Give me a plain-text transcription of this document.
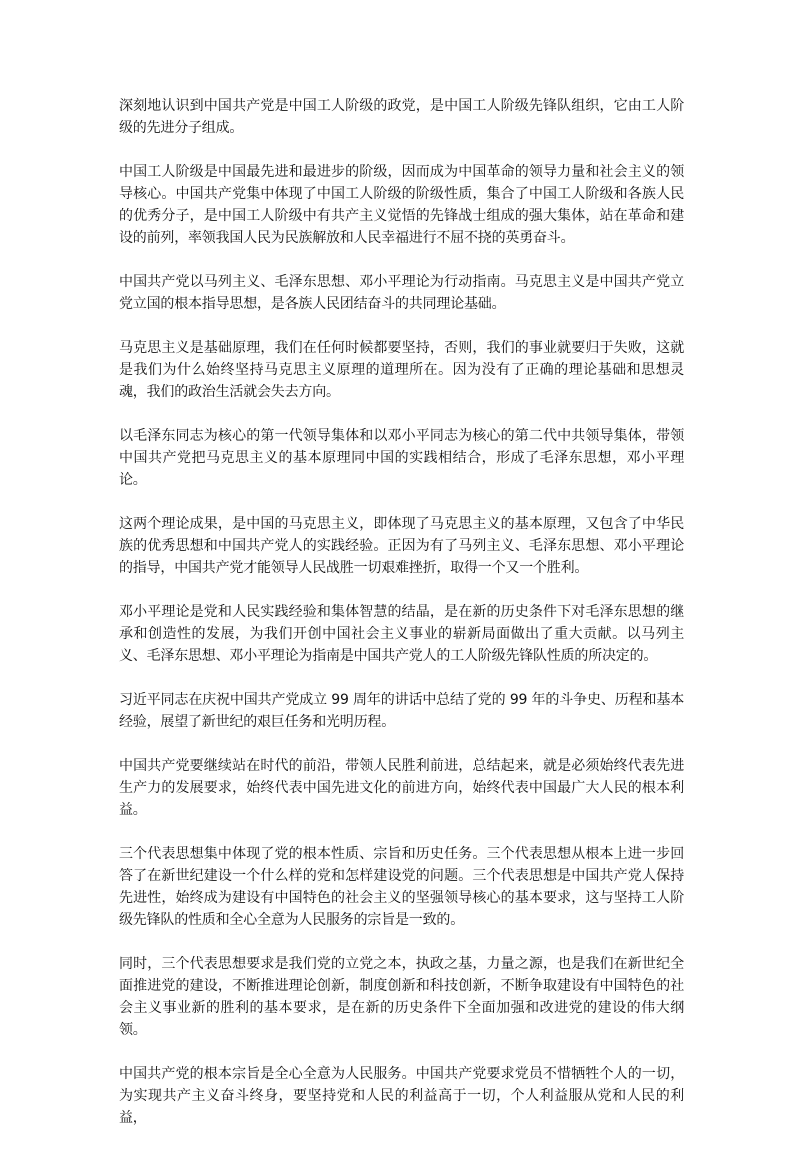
深刻地认识到中国共产党是中国工人阶级的政党，是中国工人阶级先锋队组织，它由工人阶级的先进分子组成。

中国工人阶级是中国最先进和最进步的阶级，因而成为中国革命的领导力量和社会主义的领导核心。中国共产党集中体现了中国工人阶级的阶级性质，集合了中国工人阶级和各族人民的优秀分子，是中国工人阶级中有共产主义觉悟的先锋战士组成的强大集体，站在革命和建设的前列，率领我国人民为民族解放和人民幸福进行不屈不挠的英勇奋斗。

中国共产党以马列主义、毛泽东思想、邓小平理论为行动指南。马克思主义是中国共产党立党立国的根本指导思想，是各族人民团结奋斗的共同理论基础。

马克思主义是基础原理，我们在任何时候都要坚持，否则，我们的事业就要归于失败，这就是我们为什么始终坚持马克思主义原理的道理所在。因为没有了正确的理论基础和思想灵魂，我们的政治生活就会失去方向。

以毛泽东同志为核心的第一代领导集体和以邓小平同志为核心的第二代中共领导集体，带领中国共产党把马克思主义的基本原理同中国的实践相结合，形成了毛泽东思想，邓小平理论。

这两个理论成果，是中国的马克思主义，即体现了马克思主义的基本原理，又包含了中华民族的优秀思想和中国共产党人的实践经验。正因为有了马列主义、毛泽东思想、邓小平理论的指导，中国共产党才能领导人民战胜一切艰难挫折，取得一个又一个胜利。

邓小平理论是党和人民实践经验和集体智慧的结晶，是在新的历史条件下对毛泽东思想的继承和创造性的发展，为我们开创中国社会主义事业的崭新局面做出了重大贡献。以马列主义、毛泽东思想、邓小平理论为指南是中国共产党人的工人阶级先锋队性质的所决定的。

习近平同志在庆祝中国共产党成立 99 周年的讲话中总结了党的 99 年的斗争史、历程和基本经验，展望了新世纪的艰巨任务和光明历程。

中国共产党要继续站在时代的前沿，带领人民胜利前进，总结起来，就是必须始终代表先进生产力的发展要求，始终代表中国先进文化的前进方向，始终代表中国最广大人民的根本利益。

三个代表思想集中体现了党的根本性质、宗旨和历史任务。三个代表思想从根本上进一步回答了在新世纪建设一个什么样的党和怎样建设党的问题。三个代表思想是中国共产党人保持先进性，始终成为建设有中国特色的社会主义的坚强领导核心的基本要求，这与坚持工人阶级先锋队的性质和全心全意为人民服务的宗旨是一致的。

同时，三个代表思想要求是我们党的立党之本，执政之基，力量之源，也是我们在新世纪全面推进党的建设，不断推进理论创新，制度创新和科技创新，不断争取建设有中国特色的社会主义事业新的胜利的基本要求，是在新的历史条件下全面加强和改进党的建设的伟大纲领。

中国共产党的根本宗旨是全心全意为人民服务。中国共产党要求党员不惜牺牲个人的一切，为实现共产主义奋斗终身，要坚持党和人民的利益高于一切，个人利益服从党和人民的利益，
